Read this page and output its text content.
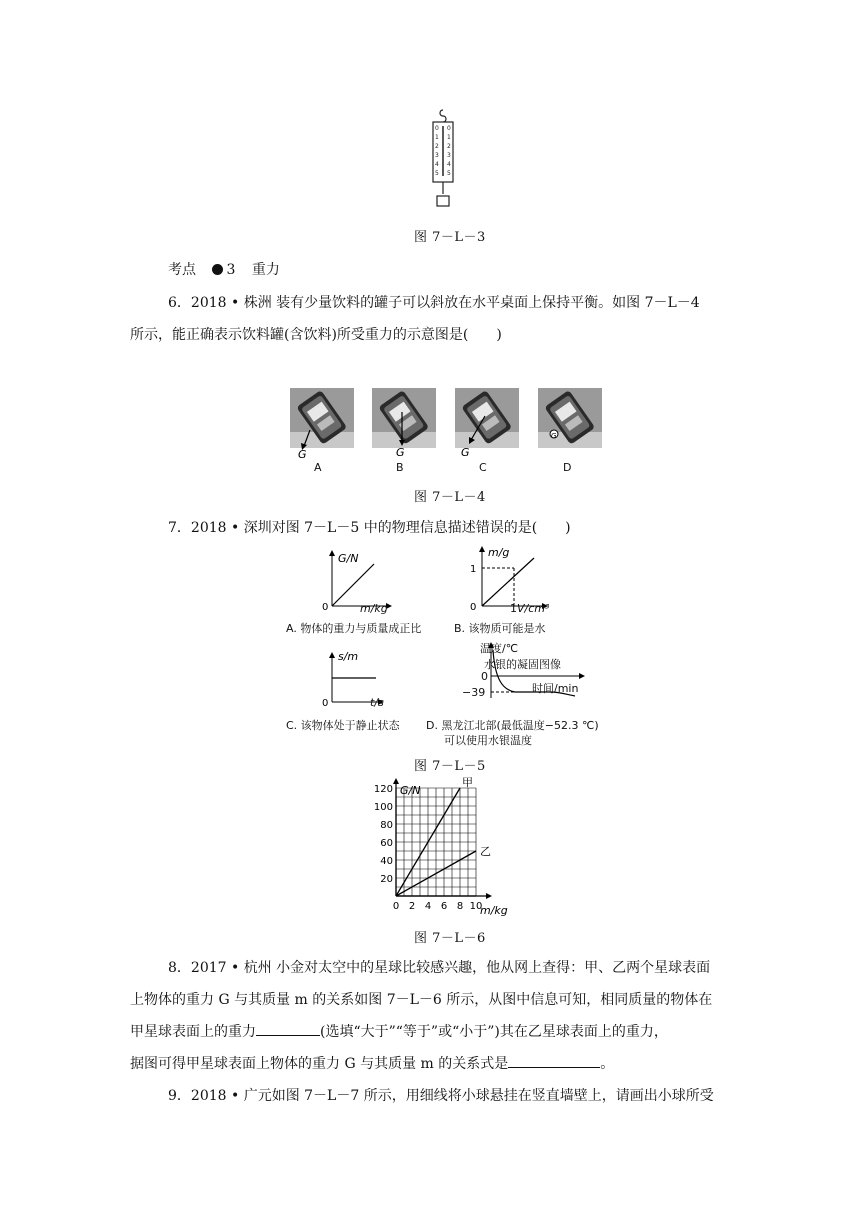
0
1
2
3
4
5
0
1
2
3
4
5
图 7－L－3
考点 3 重力
6．2018 • 株洲 装有少量饮料的罐子可以斜放在水平桌面上保持平衡。如图 7－L－4
所示，能正确表示饮料罐(含饮料)所受重力的示意图是(　　)
G	G	G
G
A	B	C	D
图 7－L－4
7．2018 • 深圳对图 7－L－5 中的物理信息描述错误的是(　　)
G/N
0	m/kg
A. 物体的重力与质量成正比
m/g
1
0	1V/cm³
B. 该物质可能是水
s/m
0	t/s
C. 该物体处于静止状态
温度/℃
水银的凝固图像
0
时间/min
−39
D. 黑龙江北部(最低温度−52.3 ℃)
可以使用水银温度
图 7－L－5
120
100
80
60
40
20
0 2 4 6 8 10
G/N
m/kg
甲
乙
图 7－L－6
8．2017 • 杭州 小金对太空中的星球比较感兴趣，他从网上查得：甲、乙两个星球表面
上物体的重力 G 与其质量 m 的关系如图 7－L－6 所示，从图中信息可知，相同质量的物体在
甲星球表面上的重力	(选填“大于”“等于”或“小于”)其在乙星球表面上的重力，
据图可得甲星球表面上物体的重力 G 与其质量 m 的关系式是	。
9．2018 • 广元如图 7－L－7 所示，用细线将小球悬挂在竖直墙壁上，请画出小球所受
